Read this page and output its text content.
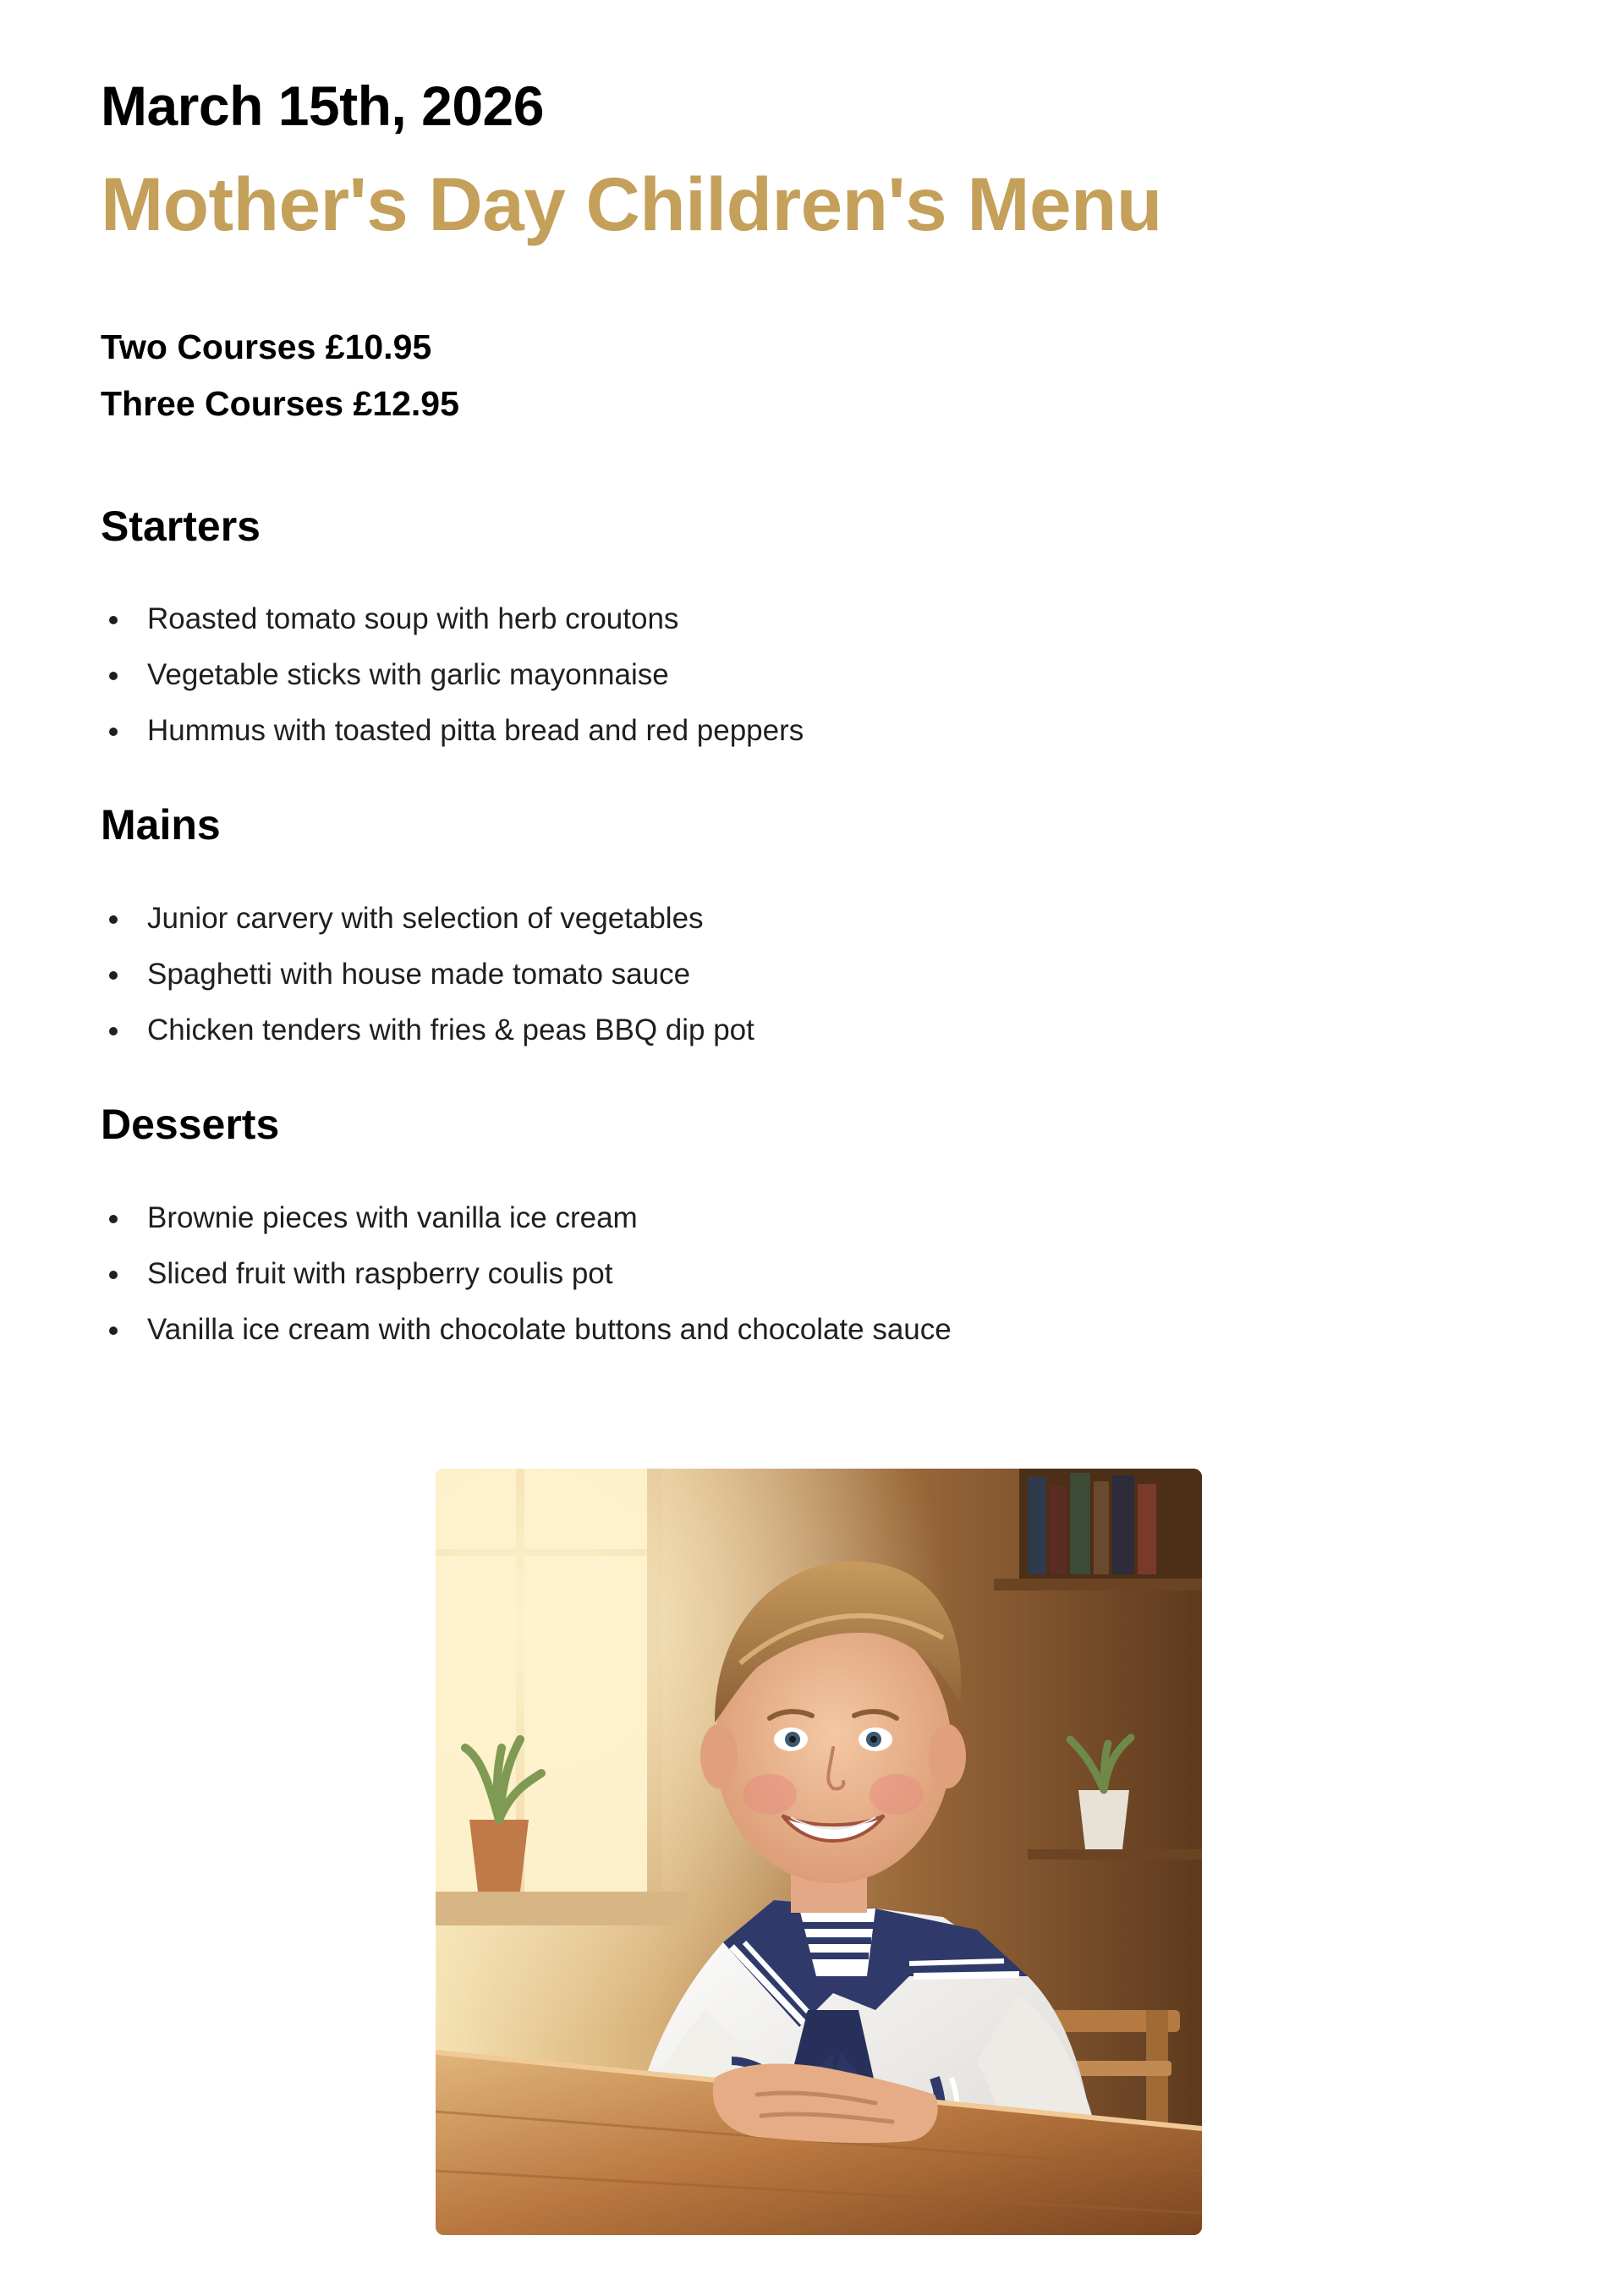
March 15th, 2026
Mother's Day Children's Menu
Two Courses £10.95
Three Courses £12.95
Starters
Roasted tomato soup with herb croutons
Vegetable sticks with garlic mayonnaise
Hummus with toasted pitta bread and red peppers
Mains
Junior carvery with selection of vegetables
Spaghetti with house made tomato sauce
Chicken tenders with fries & peas BBQ dip pot
Desserts
Brownie pieces with vanilla ice cream
Sliced fruit with raspberry coulis pot
Vanilla ice cream with chocolate buttons and chocolate sauce
